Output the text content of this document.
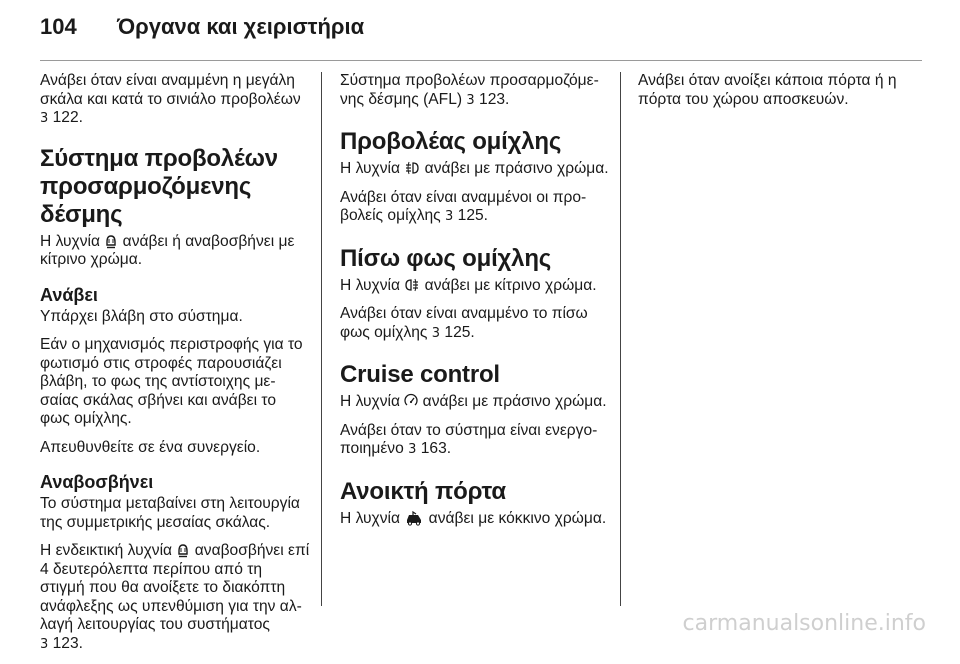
104 Όργανα και χειριστήρια

Ανάβει όταν είναι αναμμένη η μεγάλη σκάλα και κατά το σινιάλο προβολέων 3 122.

Σύστημα προβολέων προσαρμοζόμενης δέσμης

Η λυχνία  ανάβει ή αναβοσβήνει με κίτρινο χρώμα.

Ανάβει

Υπάρχει βλάβη στο σύστημα.

Εάν ο μηχανισμός περιστροφής για το φωτισμό στις στροφές παρουσιάζει βλάβη, το φως της αντίστοιχης με- σαίας σκάλας σβήνει και ανάβει το φως ομίχλης.

Απευθυνθείτε σε ένα συνεργείο.

Αναβοσβήνει

Το σύστημα μεταβαίνει στη λειτουργία της συμμετρικής μεσαίας σκάλας.

Η ενδεικτική λυχνία  αναβοσβήνει επί 4 δευτερόλεπτα περίπου από τη στιγμή που θα ανοίξετε το διακόπτη ανάφλεξης ως υπενθύμιση για την αλ- λαγή λειτουργίας του συστήματος
3 123.

Σύστημα προβολέων προσαρμοζόμε- νης δέσμης (AFL) 3 123.

Προβολέας ομίχλης

Η λυχνία  ανάβει με πράσινο χρώμα.

Ανάβει όταν είναι αναμμένοι οι προ- βολείς ομίχλης 3 125.

Πίσω φως ομίχλης

Η λυχνία  ανάβει με κίτρινο χρώμα.

Ανάβει όταν είναι αναμμένο το πίσω φως ομίχλης 3 125.

Cruise control

Η λυχνία  ανάβει με πράσινο χρώμα.

Ανάβει όταν το σύστημα είναι ενεργο- ποιημένο 3 163.

Ανοικτή πόρτα

Η λυχνία  ανάβει με κόκκινο χρώμα.

Ανάβει όταν ανοίξει κάποια πόρτα ή η πόρτα του χώρου αποσκευών.

carmanualsonline.info
